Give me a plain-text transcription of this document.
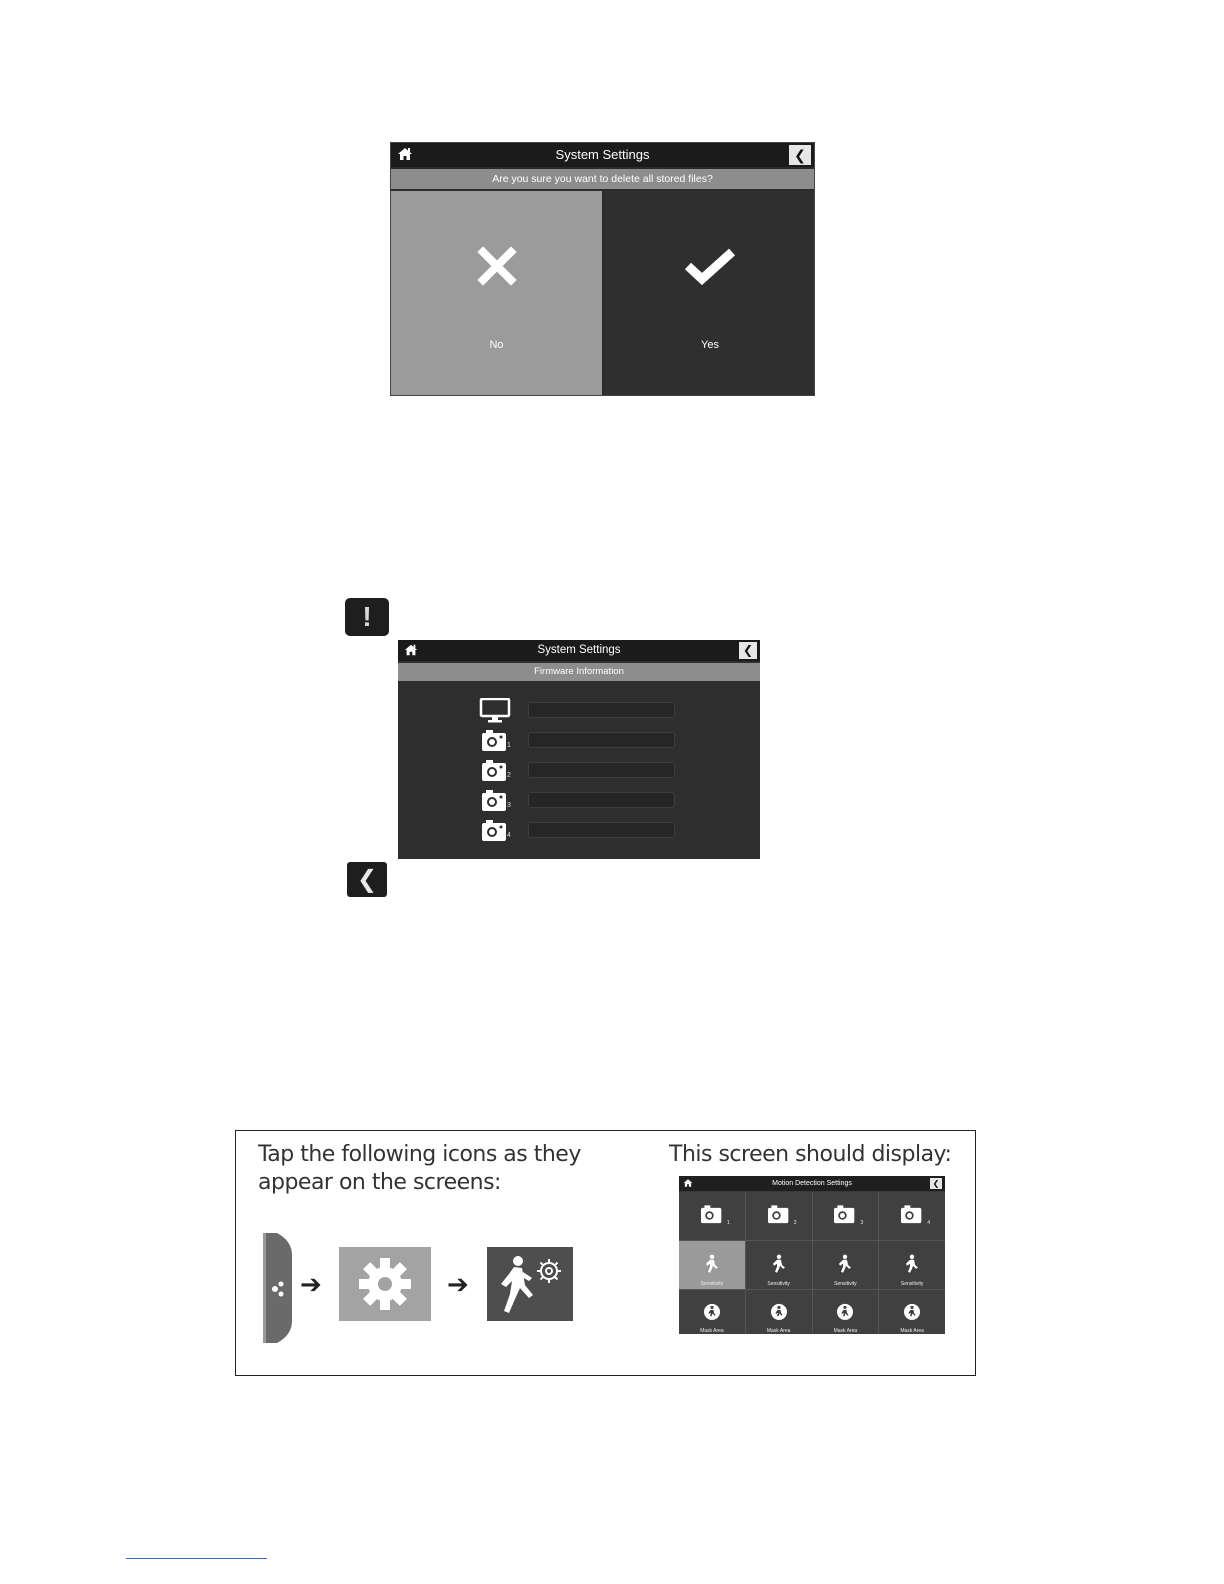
System Settings	❮
Are you sure you want to delete all stored files?
No	Yes
!
System Settings	❮
Firmware Information
1
2
3
4
❮
Tap the following icons as they appear on the screens:
This screen should display:
➔	➔
Motion Detection Settings	❮
1	2	3	4
Sensitivity	Sensitivity	Sensitivity	Sensitivity
Mask Area	Mask Area	Mask Area	Mask Area
